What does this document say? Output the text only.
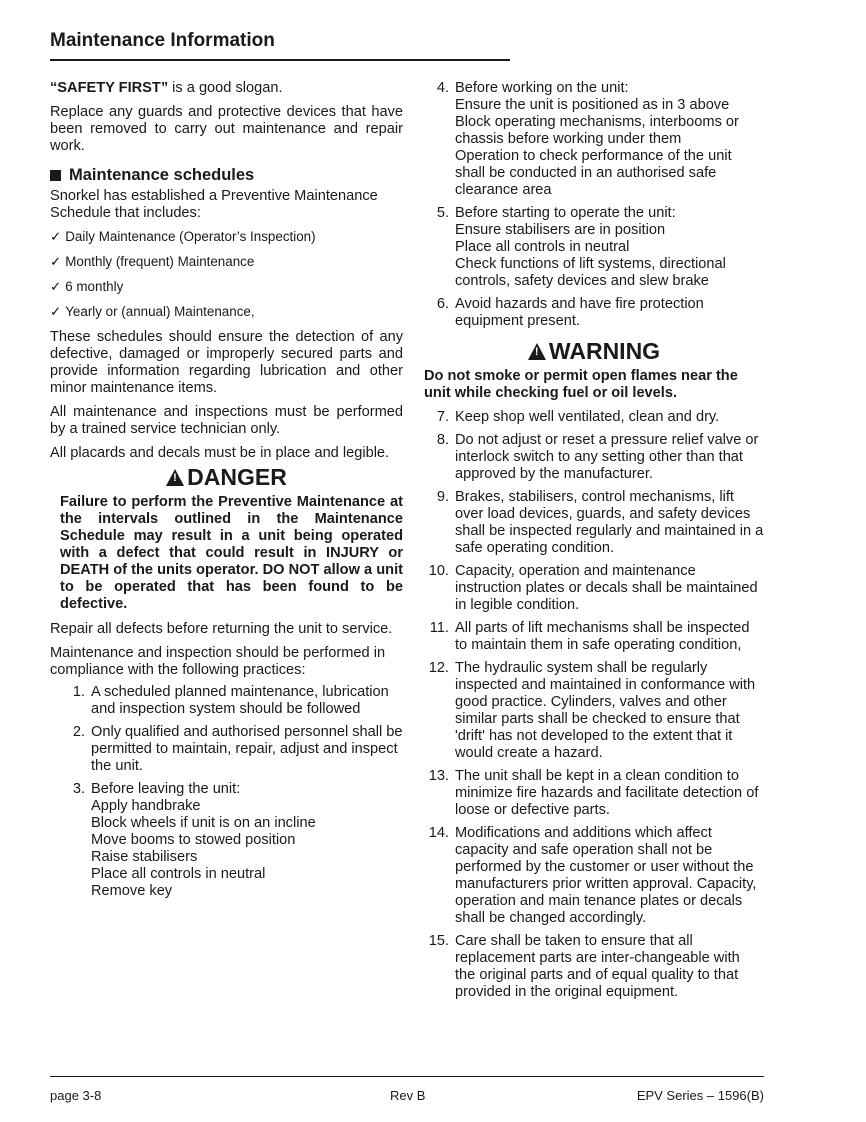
Maintenance Information

“SAFETY FIRST” is a good slogan.

Replace any guards and protective devices that have been removed to carry out maintenance and repair work.

Maintenance schedules

Snorkel has established a Preventive Maintenance Schedule that includes:

✓ Daily Maintenance (Operator’s Inspection)
✓ Monthly (frequent) Maintenance
✓ 6 monthly
✓ Yearly or (annual) Maintenance,

These schedules should ensure the detection of any defective, damaged or improperly secured parts and provide information regarding lubrication and other minor maintenance items.

All maintenance and inspections must be performed by a trained service technician only.

All placards and decals must be in place and legible.

!
DANGER

Failure to perform the Preventive Maintenance at the intervals outlined in the Maintenance Schedule may result in a unit being operated with a defect that could result in INJURY or DEATH of the units operator. DO NOT allow a unit to be operated that has been found to be defective.

Repair all defects before returning the unit to service.

Maintenance and inspection should be performed in compliance with the following practices:

1. A scheduled planned maintenance, lubrication and inspection system should be followed
2. Only qualified and authorised personnel shall be permitted to maintain, repair, adjust and inspect the unit.
3. Before leaving the unit:
Apply handbrake
Block wheels if unit is on an incline
Move booms to stowed position
Raise stabilisers
Place all controls in neutral
Remove key
4. Before working on the unit:
Ensure the unit is positioned as in 3 above
Block operating mechanisms, interbooms or chassis before working under them
Operation to check performance of the unit shall be conducted in an authorised safe clearance area
5. Before starting to operate the unit:
Ensure stabilisers are in position
Place all controls in neutral
Check functions of lift systems, directional controls, safety devices and slew brake
6. Avoid hazards and have fire protection equipment present.
!
WARNING

Do not smoke or permit open flames near the unit while checking fuel or oil levels.

7. Keep shop well ventilated, clean and dry.
8. Do not adjust or reset a pressure relief valve or interlock switch to any setting other than that approved by the manufacturer.
9. Brakes, stabilisers, control mechanisms, lift over load devices, guards, and safety devices shall be inspected regularly and maintained in a safe operating condition.
10. Capacity, operation and maintenance instruction plates or decals shall be maintained in legible condition.
11. All parts of lift mechanisms shall be inspected to maintain them in safe operating condition,
12. The hydraulic system shall be regularly inspected and maintained in conformance with good practice. Cylinders, valves and other similar parts shall be checked to ensure that 'drift' has not developed to the extent that it would create a hazard.
13. The unit shall be kept in a clean condition to minimize fire hazards and facilitate detection of loose or defective parts.
14. Modifications and additions which affect capacity and safe operation shall not be performed by the customer or user without the manufacturers prior written approval. Capacity, operation and main tenance plates or decals shall be changed accordingly.
15. Care shall be taken to ensure that all replacement parts are inter-changeable with the original parts and of equal quality to that provided in the original equipment.
page 3-8	Rev B	EPV Series – 1596(B)
